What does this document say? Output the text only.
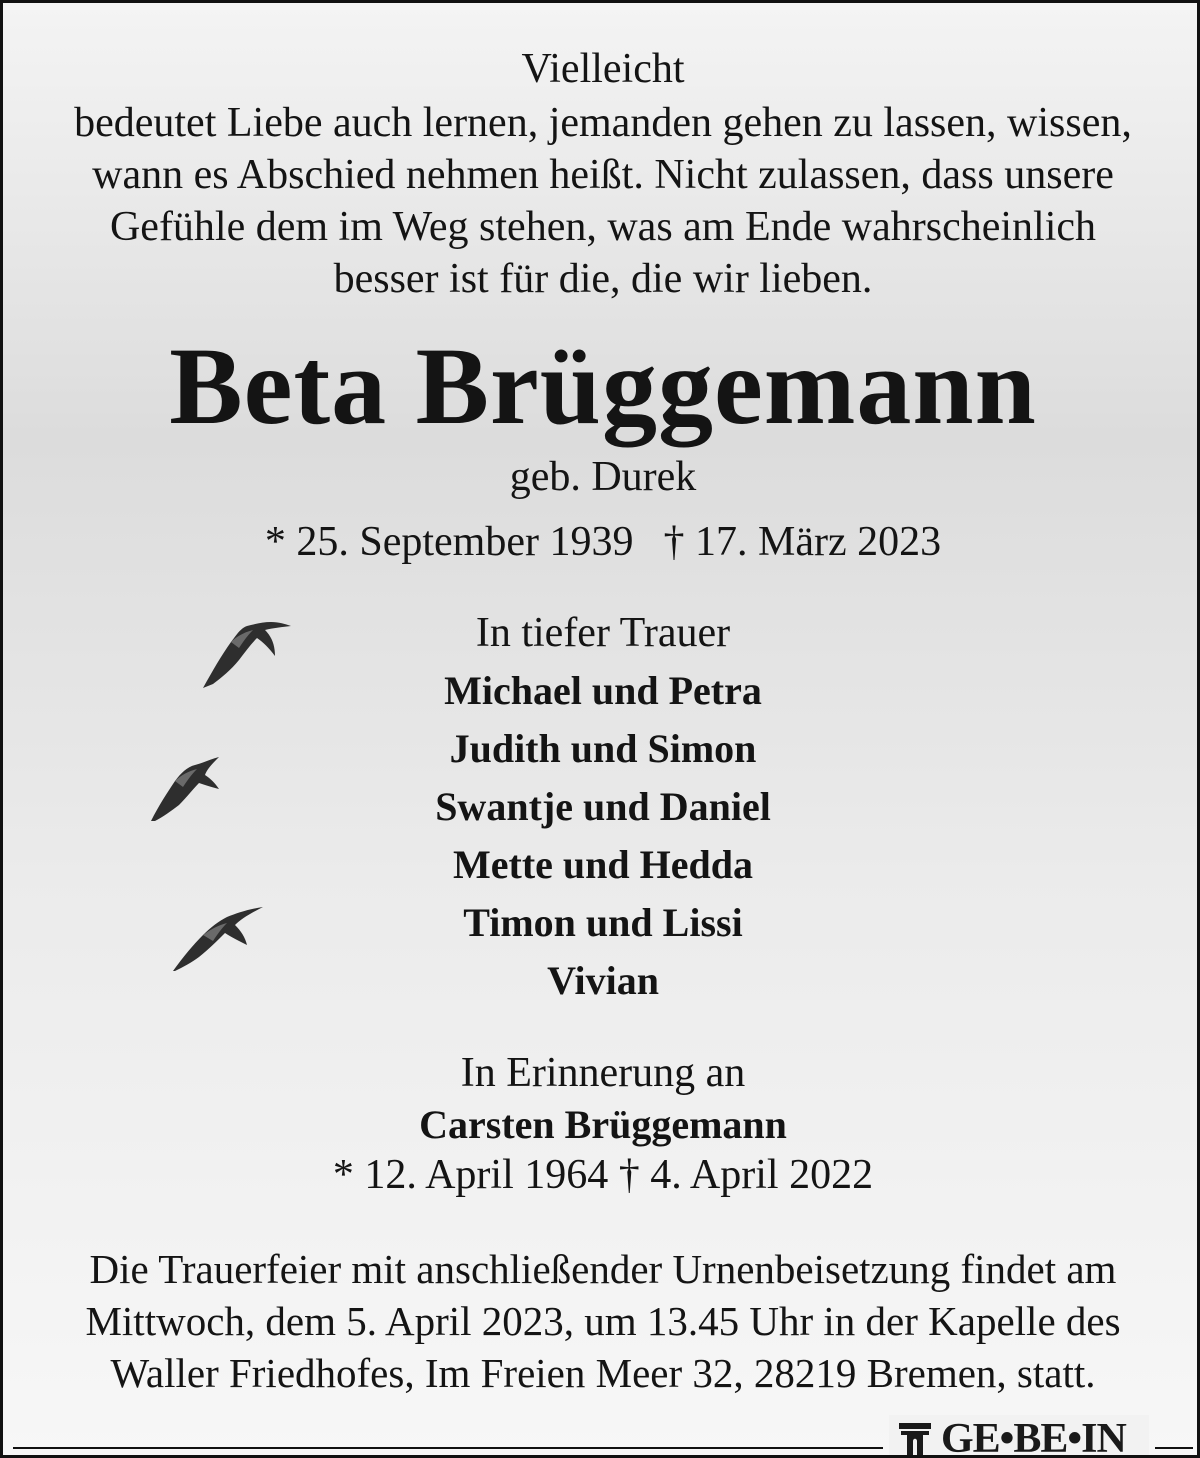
Vielleicht
bedeutet Liebe auch lernen, jemanden gehen zu lassen, wissen,
wann es Abschied nehmen heißt. Nicht zulassen, dass unsere
Gefühle dem im Weg stehen, was am Ende wahrscheinlich
besser ist für die, die wir lieben.
Beta Brüggemann
geb. Durek
* 25. September 1939 † 17. März 2023
In tiefer Trauer
Michael und Petra
Judith und Simon
Swantje und Daniel
Mette und Hedda
Timon und Lissi
Vivian
In Erinnerung an
Carsten Brüggemann
* 12. April 1964 † 4. April 2022
Die Trauerfeier mit anschließender Urnenbeisetzung findet am
Mittwoch, dem 5. April 2023, um 13.45 Uhr in der Kapelle des
Waller Friedhofes, Im Freien Meer 32, 28219 Bremen, statt.
GE•BE•IN
